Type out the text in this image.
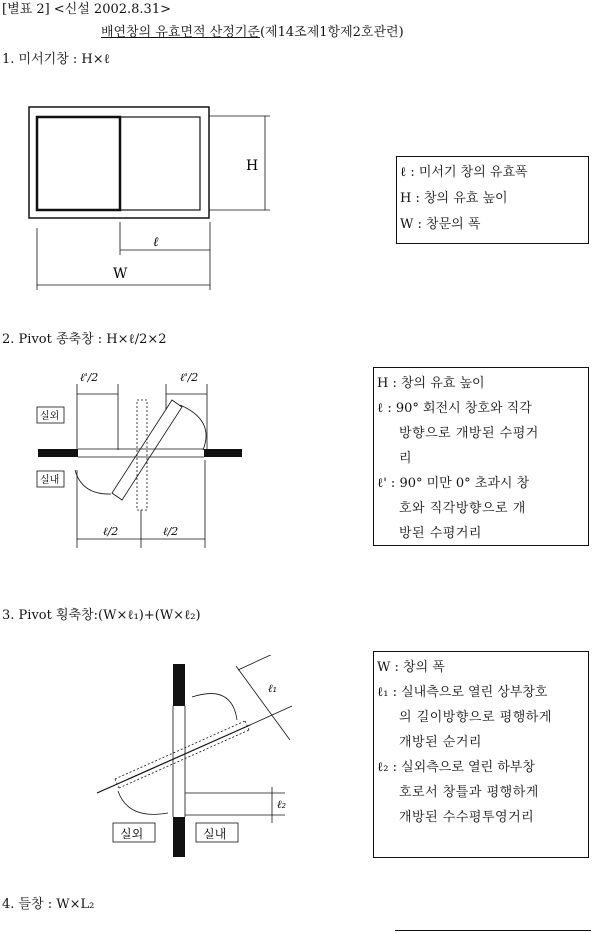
[별표 2] <신설 2002.8.31>
배연창의 유효면적 산정기준(제14조제1항제2호관련)
1. 미서기창 : H×ℓ
H
ℓ
W
ℓ : 미서기 창의 유효폭
H : 창의 유효 높이
W : 창문의 폭
2. Pivot 종축창 : H×ℓ/2×2
ℓ'/2	ℓ'/2
실외
실내
ℓ/2	ℓ/2
H : 창의 유효 높이
ℓ : 90° 회전시 창호와 직각
방향으로 개방된 수평거
리
ℓ' : 90° 미만 0° 초과시 창
호와 직각방향으로 개
방된 수평거리
3. Pivot 횡축창:(W×ℓ₁)+(W×ℓ₂)
ℓ₁
ℓ₂
실외	실내
W : 창의 폭
ℓ₁ : 실내측으로 열린 상부창호
의 길이방향으로 평행하게
개방된 순거리
ℓ₂ : 실외측으로 열린 하부창
호로서 창틀과 평행하게
개방된 수수평투영거리
4. 들창 : W×L₂
